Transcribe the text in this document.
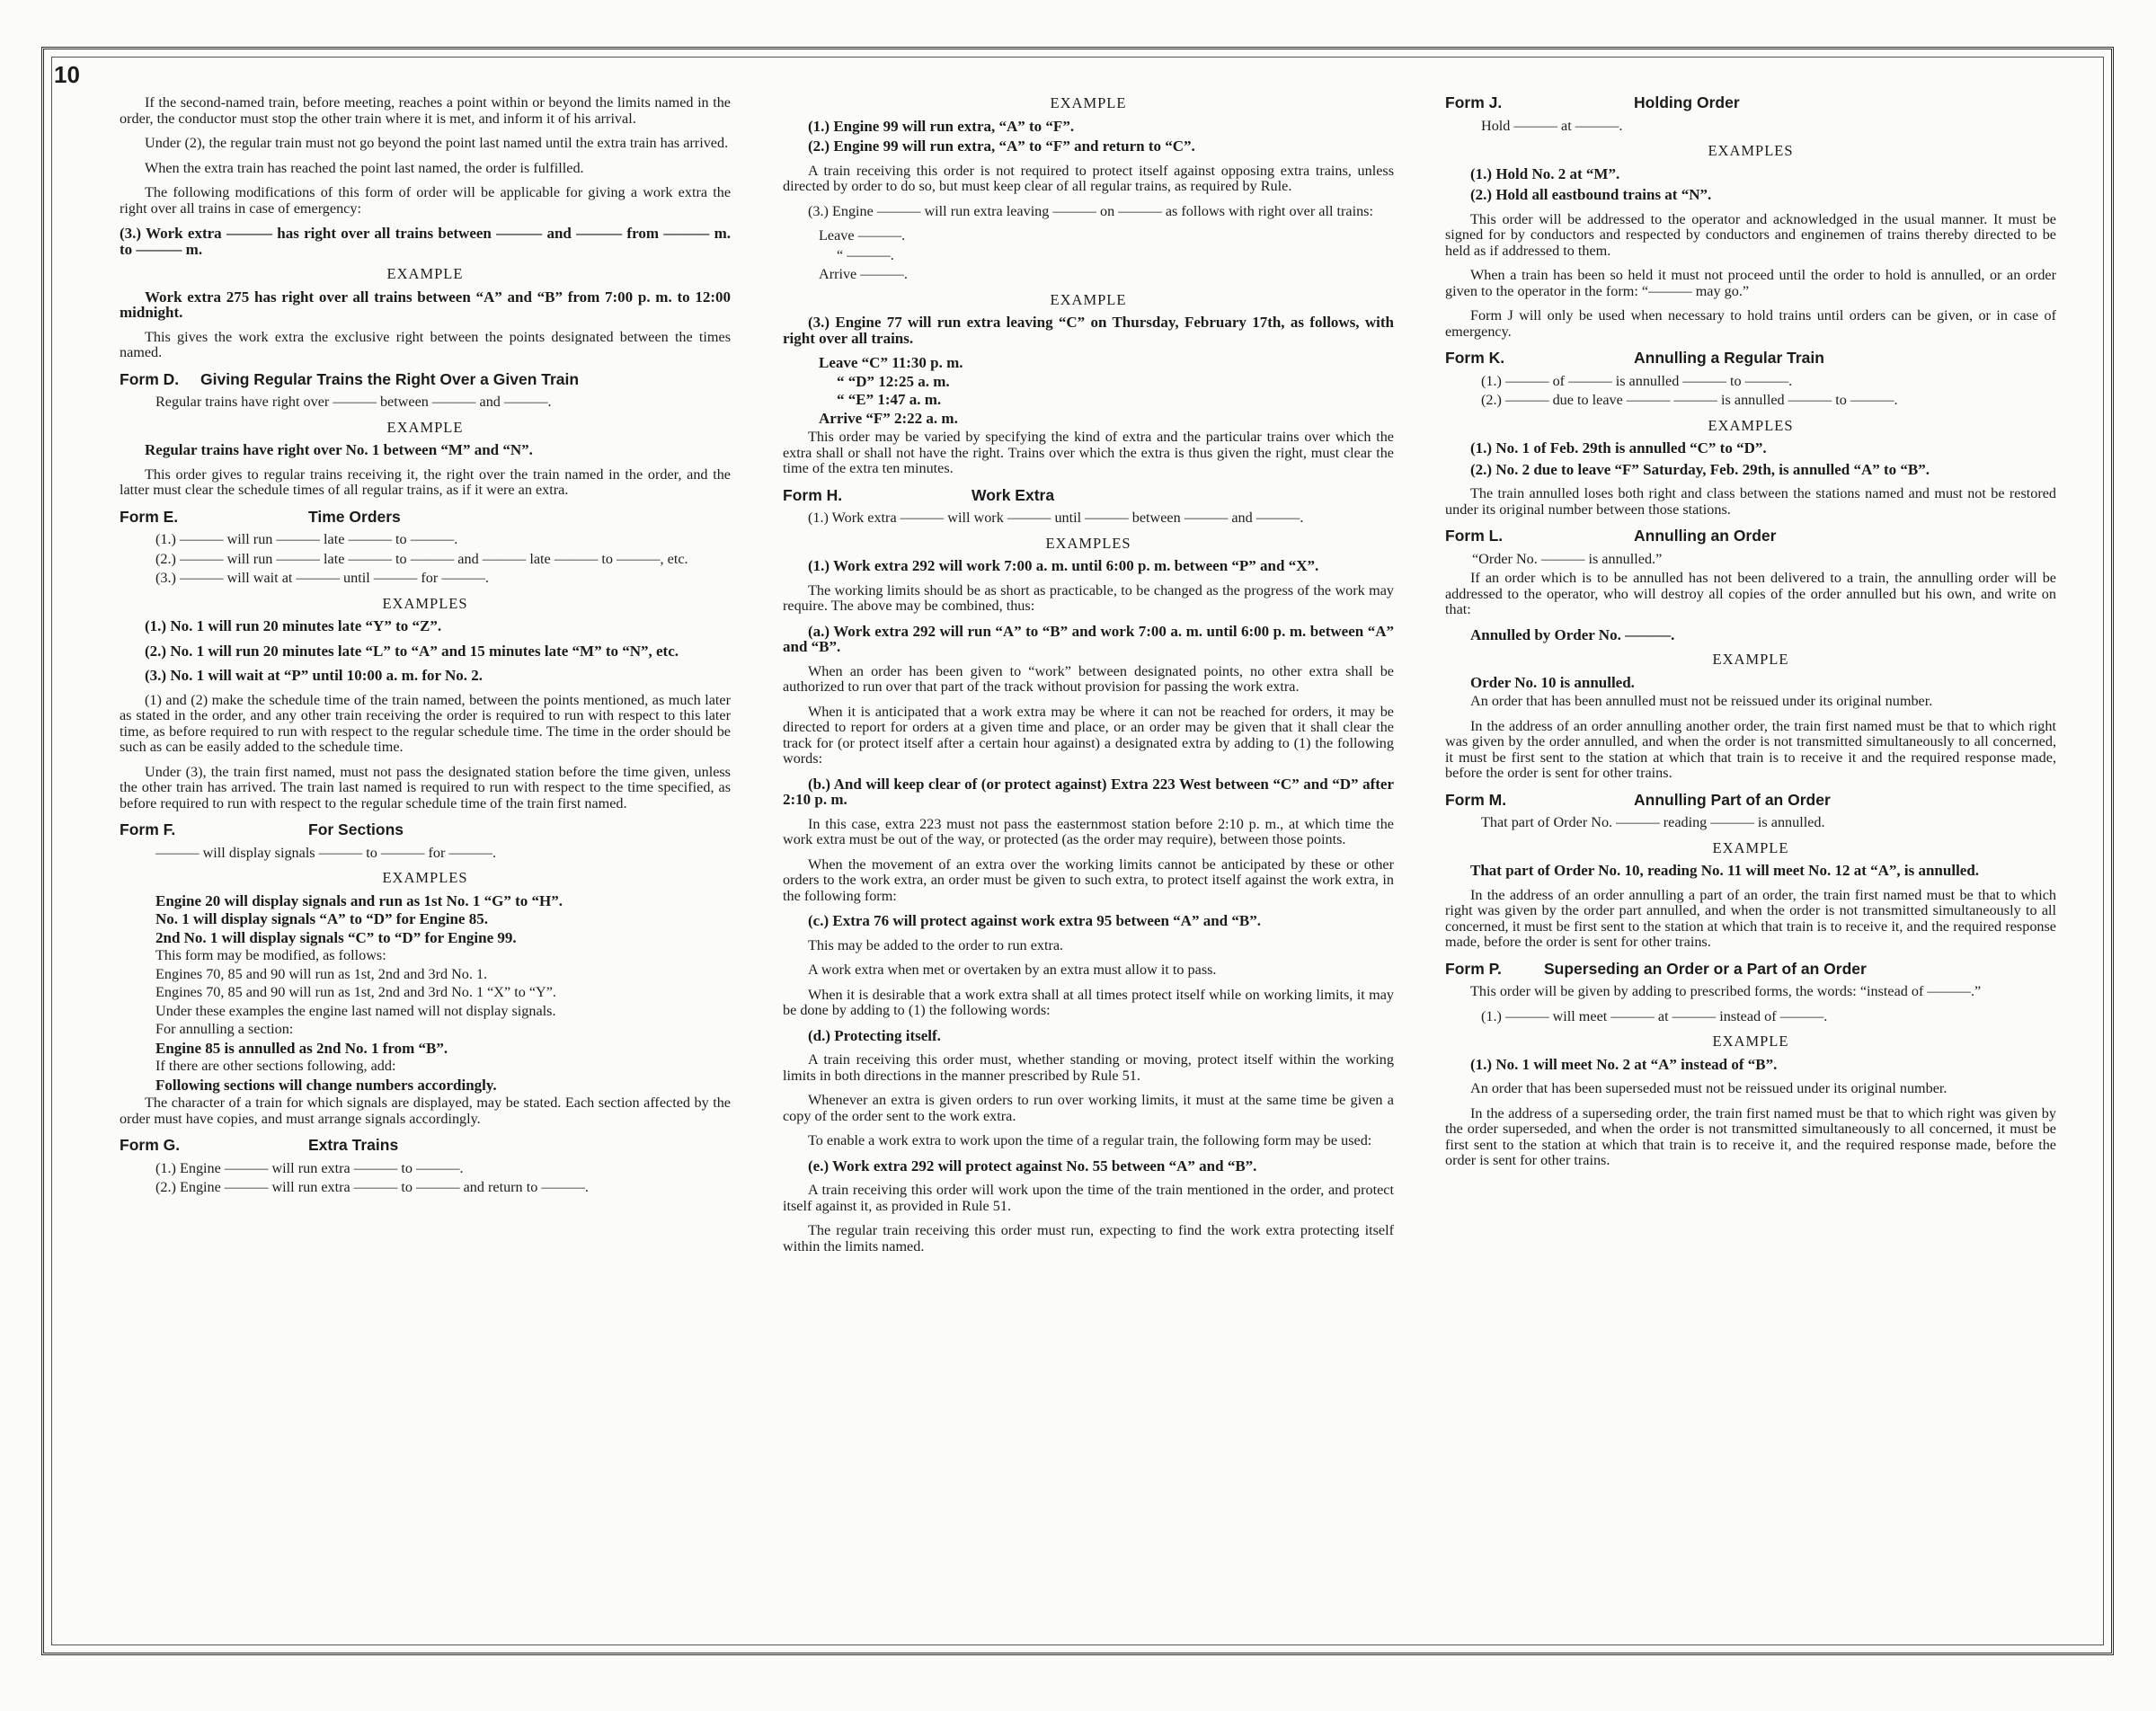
10

If the second-named train, before meeting, reaches a point within or beyond the limits named in the order, the conductor must stop the other train where it is met, and inform it of his arrival.

Under (2), the regular train must not go beyond the point last named until the extra train has arrived.

When the extra train has reached the point last named, the order is fulfilled.

The following modifications of this form of order will be applicable for giving a work extra the right over all trains in case of emergency:

(3.) Work extra ——— has right over all trains between ——— and ——— from ——— m. to ——— m.

EXAMPLE

Work extra 275 has right over all trains between “A” and “B” from 7:00 p. m. to 12:00 midnight.

This gives the work extra the exclusive right between the points designated between the times named.

Form D.	Giving Regular Trains the Right Over a Given Train

Regular trains have right over ——— between ——— and ———.

EXAMPLE

Regular trains have right over No. 1 between “M” and “N”.

This order gives to regular trains receiving it, the right over the train named in the order, and the latter must clear the schedule times of all regular trains, as if it were an extra.

Form E.	Time Orders

(1.) ——— will run ——— late ——— to ———.

(2.) ——— will run ——— late ——— to ——— and ——— late ——— to ———, etc.

(3.) ——— will wait at ——— until ——— for ———.

EXAMPLES

(1.) No. 1 will run 20 minutes late “Y” to “Z”.

(2.) No. 1 will run 20 minutes late “L” to “A” and 15 minutes late “M” to “N”, etc.

(3.) No. 1 will wait at “P” until 10:00 a. m. for No. 2.

(1) and (2) make the schedule time of the train named, between the points mentioned, as much later as stated in the order, and any other train receiving the order is required to run with respect to this later time, as before required to run with respect to the regular schedule time. The time in the order should be such as can be easily added to the schedule time.

Under (3), the train first named, must not pass the designated station before the time given, unless the other train has arrived. The train last named is required to run with respect to the time specified, as before required to run with respect to the regular schedule time of the train first named.

Form F.	For Sections

——— will display signals ——— to ——— for ———.

EXAMPLES

Engine 20 will display signals and run as 1st No. 1 “G” to “H”.

No. 1 will display signals “A” to “D” for Engine 85.

2nd No. 1 will display signals “C” to “D” for Engine 99.

This form may be modified, as follows:

Engines 70, 85 and 90 will run as 1st, 2nd and 3rd No. 1.

Engines 70, 85 and 90 will run as 1st, 2nd and 3rd No. 1 “X” to “Y”.

Under these examples the engine last named will not display signals.

For annulling a section:

Engine 85 is annulled as 2nd No. 1 from “B”.

If there are other sections following, add:

Following sections will change numbers accordingly.

The character of a train for which signals are displayed, may be stated. Each section affected by the order must have copies, and must arrange signals accordingly.

Form G.	Extra Trains

(1.) Engine ——— will run extra ——— to ———.

(2.) Engine ——— will run extra ——— to ——— and return to ———.

EXAMPLE

(1.) Engine 99 will run extra, “A” to “F”.

(2.) Engine 99 will run extra, “A” to “F” and return to “C”.

A train receiving this order is not required to protect itself against opposing extra trains, unless directed by order to do so, but must keep clear of all regular trains, as required by Rule.

(3.) Engine ——— will run extra leaving ——— on ——— as follows with right over all trains:

Leave ———.

“ ———.

Arrive ———.

EXAMPLE

(3.) Engine 77 will run extra leaving “C” on Thursday, February 17th, as follows, with right over all trains.

Leave “C” 11:30 p. m.

“ “D” 12:25 a. m.

“ “E” 1:47 a. m.

Arrive “F” 2:22 a. m.

This order may be varied by specifying the kind of extra and the particular trains over which the extra shall or shall not have the right. Trains over which the extra is thus given the right, must clear the time of the extra ten minutes.

Form H.	Work Extra

(1.) Work extra ——— will work ——— until ——— between ——— and ———.

EXAMPLES

(1.) Work extra 292 will work 7:00 a. m. until 6:00 p. m. between “P” and “X”.

The working limits should be as short as practicable, to be changed as the progress of the work may require. The above may be combined, thus:

(a.) Work extra 292 will run “A” to “B” and work 7:00 a. m. until 6:00 p. m. between “A” and “B”.

When an order has been given to “work” between designated points, no other extra shall be authorized to run over that part of the track without provision for passing the work extra.

When it is anticipated that a work extra may be where it can not be reached for orders, it may be directed to report for orders at a given time and place, or an order may be given that it shall clear the track for (or protect itself after a certain hour against) a designated extra by adding to (1) the following words:

(b.) And will keep clear of (or protect against) Extra 223 West between “C” and “D” after 2:10 p. m.

In this case, extra 223 must not pass the easternmost station before 2:10 p. m., at which time the work extra must be out of the way, or protected (as the order may require), between those points.

When the movement of an extra over the working limits cannot be anticipated by these or other orders to the work extra, an order must be given to such extra, to protect itself against the work extra, in the following form:

(c.) Extra 76 will protect against work extra 95 between “A” and “B”.

This may be added to the order to run extra.

A work extra when met or overtaken by an extra must allow it to pass.

When it is desirable that a work extra shall at all times protect itself while on working limits, it may be done by adding to (1) the following words:

(d.) Protecting itself.

A train receiving this order must, whether standing or moving, protect itself within the working limits in both directions in the manner prescribed by Rule 51.

Whenever an extra is given orders to run over working limits, it must at the same time be given a copy of the order sent to the work extra.

To enable a work extra to work upon the time of a regular train, the following form may be used:

(e.) Work extra 292 will protect against No. 55 between “A” and “B”.

A train receiving this order will work upon the time of the train mentioned in the order, and protect itself against it, as provided in Rule 51.

The regular train receiving this order must run, expecting to find the work extra protecting itself within the limits named.

Form J.	Holding Order

Hold ——— at ———.

EXAMPLES

(1.) Hold No. 2 at “M”.

(2.) Hold all eastbound trains at “N”.

This order will be addressed to the operator and acknowledged in the usual manner. It must be signed for by conductors and respected by conductors and enginemen of trains thereby directed to be held as if addressed to them.

When a train has been so held it must not proceed until the order to hold is annulled, or an order given to the operator in the form: “——— may go.”

Form J will only be used when necessary to hold trains until orders can be given, or in case of emergency.

Form K.	Annulling a Regular Train

(1.) ——— of ——— is annulled ——— to ———.

(2.) ——— due to leave ——— ——— is annulled ——— to ———.

EXAMPLES

(1.) No. 1 of Feb. 29th is annulled “C” to “D”.

(2.) No. 2 due to leave “F” Saturday, Feb. 29th, is annulled “A” to “B”.

The train annulled loses both right and class between the stations named and must not be restored under its original number between those stations.

Form L.	Annulling an Order

“Order No. ——— is annulled.”

If an order which is to be annulled has not been delivered to a train, the annulling order will be addressed to the operator, who will destroy all copies of the order annulled but his own, and write on that:

Annulled by Order No. ———.

EXAMPLE

Order No. 10 is annulled.

An order that has been annulled must not be reissued under its original number.

In the address of an order annulling another order, the train first named must be that to which right was given by the order annulled, and when the order is not transmitted simultaneously to all concerned, it must be first sent to the station at which that train is to receive it and the required response made, before the order is sent for other trains.

Form M.	Annulling Part of an Order

That part of Order No. ——— reading ——— is annulled.

EXAMPLE

That part of Order No. 10, reading No. 11 will meet No. 12 at “A”, is annulled.

In the address of an order annulling a part of an order, the train first named must be that to which right was given by the order part annulled, and when the order is not transmitted simultaneously to all concerned, it must be first sent to the station at which that train is to receive it, and the required response made, before the order is sent for other trains.

Form P.	Superseding an Order or a Part of an Order

This order will be given by adding to prescribed forms, the words: “instead of ———.”

(1.) ——— will meet ——— at ——— instead of ———.

EXAMPLE

(1.) No. 1 will meet No. 2 at “A” instead of “B”.

An order that has been superseded must not be reissued under its original number.

In the address of a superseding order, the train first named must be that to which right was given by the order superseded, and when the order is not transmitted simultaneously to all concerned, it must be first sent to the station at which that train is to receive it, and the required response made, before the order is sent for other trains.
